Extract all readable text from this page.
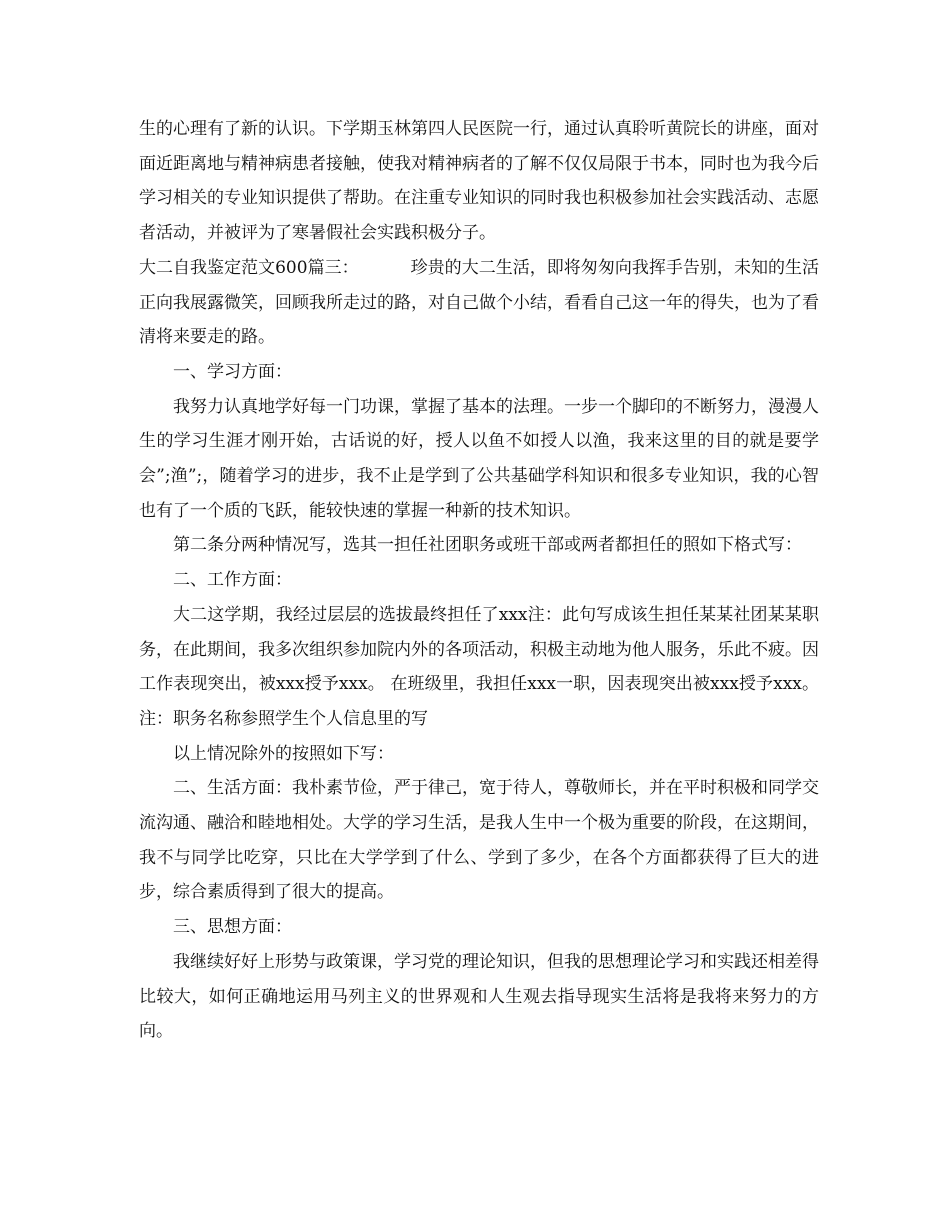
生的心理有了新的认识。下学期玉林第四人民医院一行，通过认真聆听黄院长的讲座，面对面近距离地与精神病患者接触，使我对精神病者的了解不仅仅局限于书本，同时也为我今后学习相关的专业知识提供了帮助。在注重专业知识的同时我也积极参加社会实践活动、志愿者活动，并被评为了寒暑假社会实践积极分子。

大二自我鉴定范文600篇三：	珍贵的大二生活，即将匆匆向我挥手告别，未知的生活正向我展露微笑，回顾我所走过的路，对自己做个小结，看看自己这一年的得失，也为了看清将来要走的路。

一、学习方面：

我努力认真地学好每一门功课，掌握了基本的法理。一步一个脚印的不断努力，漫漫人生的学习生涯才刚开始，古话说的好，授人以鱼不如授人以渔，我来这里的目的就是要学会”;渔”;，随着学习的进步，我不止是学到了公共基础学科知识和很多专业知识，我的心智也有了一个质的飞跃，能较快速的掌握一种新的技术知识。

第二条分两种情况写，选其一担任社团职务或班干部或两者都担任的照如下格式写：

二、工作方面：

大二这学期，我经过层层的选拔最终担任了xxx注：此句写成该生担任某某社团某某职务，在此期间，我多次组织参加院内外的各项活动，积极主动地为他人服务，乐此不疲。因工作表现突出，被xxx授予xxx。 在班级里，我担任xxx一职，因表现突出被xxx授予xxx。注：职务名称参照学生个人信息里的写

以上情况除外的按照如下写：

二、生活方面：我朴素节俭，严于律己，宽于待人，尊敬师长，并在平时积极和同学交流沟通、融洽和睦地相处。大学的学习生活，是我人生中一个极为重要的阶段，在这期间，我不与同学比吃穿，只比在大学学到了什么、学到了多少，在各个方面都获得了巨大的进步，综合素质得到了很大的提高。

三、思想方面：

我继续好好上形势与政策课，学习党的理论知识，但我的思想理论学习和实践还相差得比较大，如何正确地运用马列主义的世界观和人生观去指导现实生活将是我将来努力的方向。
